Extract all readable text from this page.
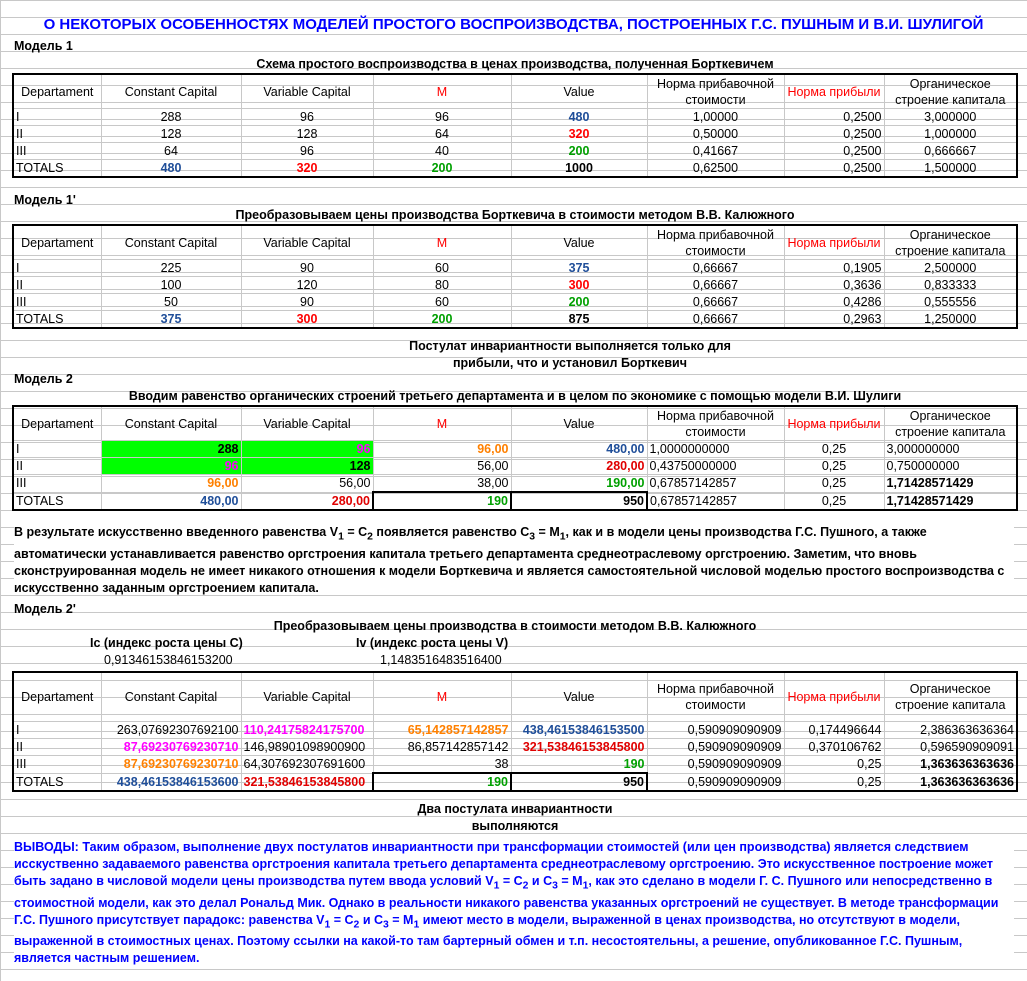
О НЕКОТОРЫХ ОСОБЕННОСТЯХ МОДЕЛЕЙ ПРОСТОГО ВОСПРОИЗВОДСТВА, ПОСТРОЕННЫХ Г.С. ПУШНЫМ И В.И. ШУЛИГОЙ
Модель 1
Схема простого воспроизводства в ценах производства, полученная Борткевичем
Departament	Constant Capital	Variable Capital	M	Value	Норма прибавочной стоимости	Норма прибыли	Органическое строение капитала
I	288	96	96	480	1,00000	0,2500	3,000000
II	128	128	64	320	0,50000	0,2500	1,000000
III	64	96	40	200	0,41667	0,2500	0,666667
TOTALS	480	320	200	1000	0,62500	0,2500	1,500000
Модель 1'
Преобразовываем цены производства Борткевича в стоимости методом В.В. Калюжного
Departament	Constant Capital	Variable Capital	M	Value	Норма прибавочной стоимости	Норма прибыли	Органическое строение капитала
I	225	90	60	375	0,66667	0,1905	2,500000
II	100	120	80	300	0,66667	0,3636	0,833333
III	50	90	60	200	0,66667	0,4286	0,555556
TOTALS	375	300	200	875	0,66667	0,2963	1,250000
Постулат инвариантности выполняется только для
прибыли, что и установил Борткевич
Модель 2
Вводим равенство органических строений третьего департамента и в целом по экономике с помощью модели В.И. Шулиги
Departament	Constant Capital	Variable Capital	M	Value	Норма прибавочной стоимости	Норма прибыли	Органическое строение капитала
I	288	96	96,00	480,00	1,0000000000	0,25	3,000000000
II	96	128	56,00	280,00	0,43750000000	0,25	0,750000000
III	96,00	56,00	38,00	190,00	0,67857142857	0,25	1,71428571429
TOTALS	480,00	280,00	190	950	0,67857142857	0,25	1,71428571429
В результате искусственно введенного равенства $V_1 = C_2$ появляется равенство $C_3 = M_1$, как и в модели цены производства Г.С. Пушного, а также автоматически устанавливается равенство оргстроения капитала третьего департамента среднеотраслевому оргстроению. Заметим, что вновь сконструированная модель не имеет никакого отношения к модели Борткевича и является самостоятельной числовой моделью простого воспроизводства с искусственно заданным оргстроением капитала.
Модель 2'
Преобразовываем цены производства в стоимости методом В.В. Калюжного
Ic (индекс роста цены C)	Iv (индекс роста цены V)
0,91346153846153200	1,1483516483516400
Departament	Constant Capital	Variable Capital	M	Value	Норма прибавочной стоимости	Норма прибыли	Органическое строение капитала
I	263,07692307692100	110,24175824175700	65,142857142857	438,46153846153500	0,590909090909	0,174496644	2,386363636364
II	87,69230769230710	146,98901098900900	86,857142857142	321,53846153845800	0,590909090909	0,370106762	0,596590909091
III	87,69230769230710	64,307692307691600	38	190	0,590909090909	0,25	1,363636363636
TOTALS	438,46153846153600	321,53846153845800	190	950	0,590909090909	0,25	1,363636363636
Два постулата инвариантности
выполняются
ВЫВОДЫ: Таким образом, выполнение двух постулатов инвариантности при трансформации стоимостей (или цен производства) является следствием исскуственно задаваемого равенства оргстроения капитала третьего департамента среднеотраслевому оргстроению. Это искусственное построение может быть задано в числовой модели цены производства путем ввода условий $V_1 = C_2$ и $C_3 = M_1$, как это сделано в модели Г. С. Пушного или непосредственно в стоимостной модели, как это делал Рональд Мик. Однако в реальности никакого равенства указанных оргстроений не существует. В методе трансформации Г.С. Пушного присутствует парадокс: равенства $V_1 = C_2$ и $C_3 = M_1$ имеют место в модели, выраженной в ценах производства, но отсутствуют в модели, выраженной в стоимостных ценах. Поэтому ссылки на какой-то там бартерный обмен и т.п. несостоятельны, а решение, опубликованное Г.С. Пушным, является частным решением.
